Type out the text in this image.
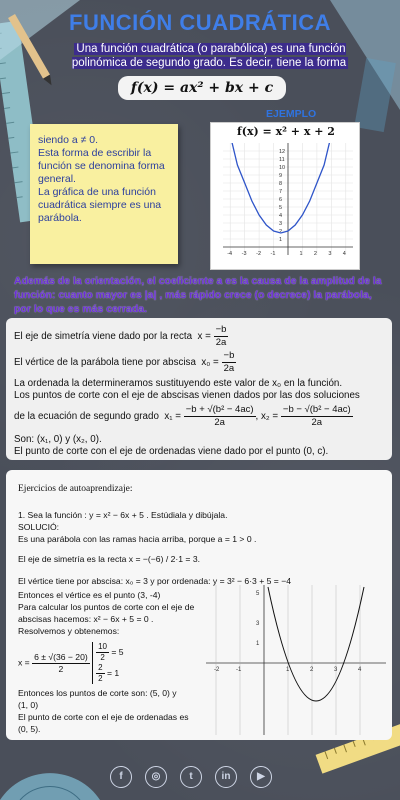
FUNCIÓN CUADRÁTICA
Una función cuadrática (o parabólica) es una función polinómica de segundo grado. Es decir, tiene la forma
f(x) = ax² + bx + c
EJEMPLO

siendo a ≠ 0.

Esta forma de escribir la función se denomina forma general.

La gráfica de una función cuadrática siempre es una parábola.

f(x) = x² + x + 2
-4 -3 -2 -1	1 2 3 4
1
2
3
4
5
6
7
8
9
10
11
12
Además de la orientación, el coeficiente a es la causa de la amplitud de la función: cuanto mayor es |a| , más rápido crece (o decrece) la parábola, por lo que es más cerrada.
El eje de simetría viene dado por la recta $x = \frac{-b}{2a}$
El vértice de la parábola tiene por abscisa $x_0 = \frac{-b}{2a}$
La ordenada la determineramos sustituyendo este valor de x₀ en la función.
Los puntos de corte con el eje de abscisas vienen dados por las dos soluciones
de la ecuación de segundo grado $x_1 = \frac{\text{−b + √(b² − 4ac)}}{2a}$ , $x_2 = \frac{\text{−b − √(b² − 4ac)}}{2a}$
Son: (x₁, 0) y (x₂, 0).
El punto de corte con el eje de ordenadas viene dado por el punto (0, c).
Ejercicios de autoaprendizaje:
1. Sea la función : y = x² − 6x + 5 . Estúdiala y dibújala.
SOLUCIÓ:
Es una parábola con las ramas hacia arriba, porque a = 1 > 0 .
El eje de simetría es la recta x = −(−6) / 2·1 = 3.
El vértice tiene por abscisa: x₀ = 3 y por ordenada: y = 3² − 6·3 + 5 = −4
Entonces el vértice es el punto (3, -4)
Para calcular los puntos de corte con el eje de
abscisas hacemos: x² − 6x + 5 = 0 .
Resolvemos y obtenemos:
$x = \frac{6 \pm √(36 - 20)}{2}$
$\frac{10}{2} = 5$

$\frac{2}{2} = 1$
Entonces los puntos de corte son: (5, 0) y
(1, 0)
El punto de corte con el eje de ordenadas es
(0, 5).
-1
-2	1	2	3	4
5
3
1
f	◎	t	in	▶
